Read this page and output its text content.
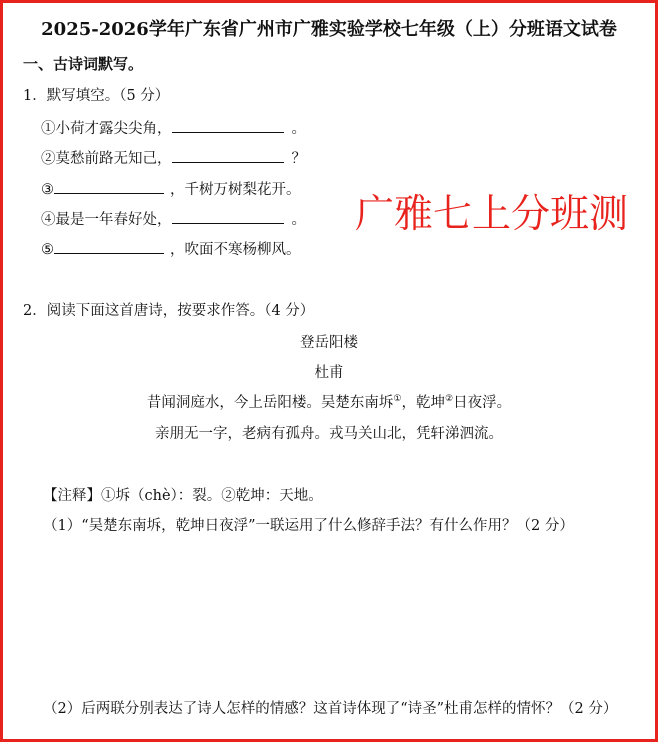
2025-2026学年广东省广州市广雅实验学校七年级（上）分班语文试卷
一、古诗词默写。
1．默写填空。（5 分）
①小荷才露尖尖角，	。
②莫愁前路无知己，	？
③	，千树万树梨花开。
④最是一年春好处，	。
⑤	，吹面不寒杨柳风。
广雅七上分班测
2．阅读下面这首唐诗，按要求作答。（4 分）
登岳阳楼
杜甫
昔闻洞庭水，今上岳阳楼。吴楚东南坼①，乾坤②日夜浮。
亲朋无一字，老病有孤舟。戎马关山北，凭轩涕泗流。
【注释】①坼（chè）：裂。②乾坤：天地。
（1）“吴楚东南坼，乾坤日夜浮”一联运用了什么修辞手法？有什么作用？（2 分）
（2）后两联分别表达了诗人怎样的情感？这首诗体现了“诗圣”杜甫怎样的情怀？（2 分）
